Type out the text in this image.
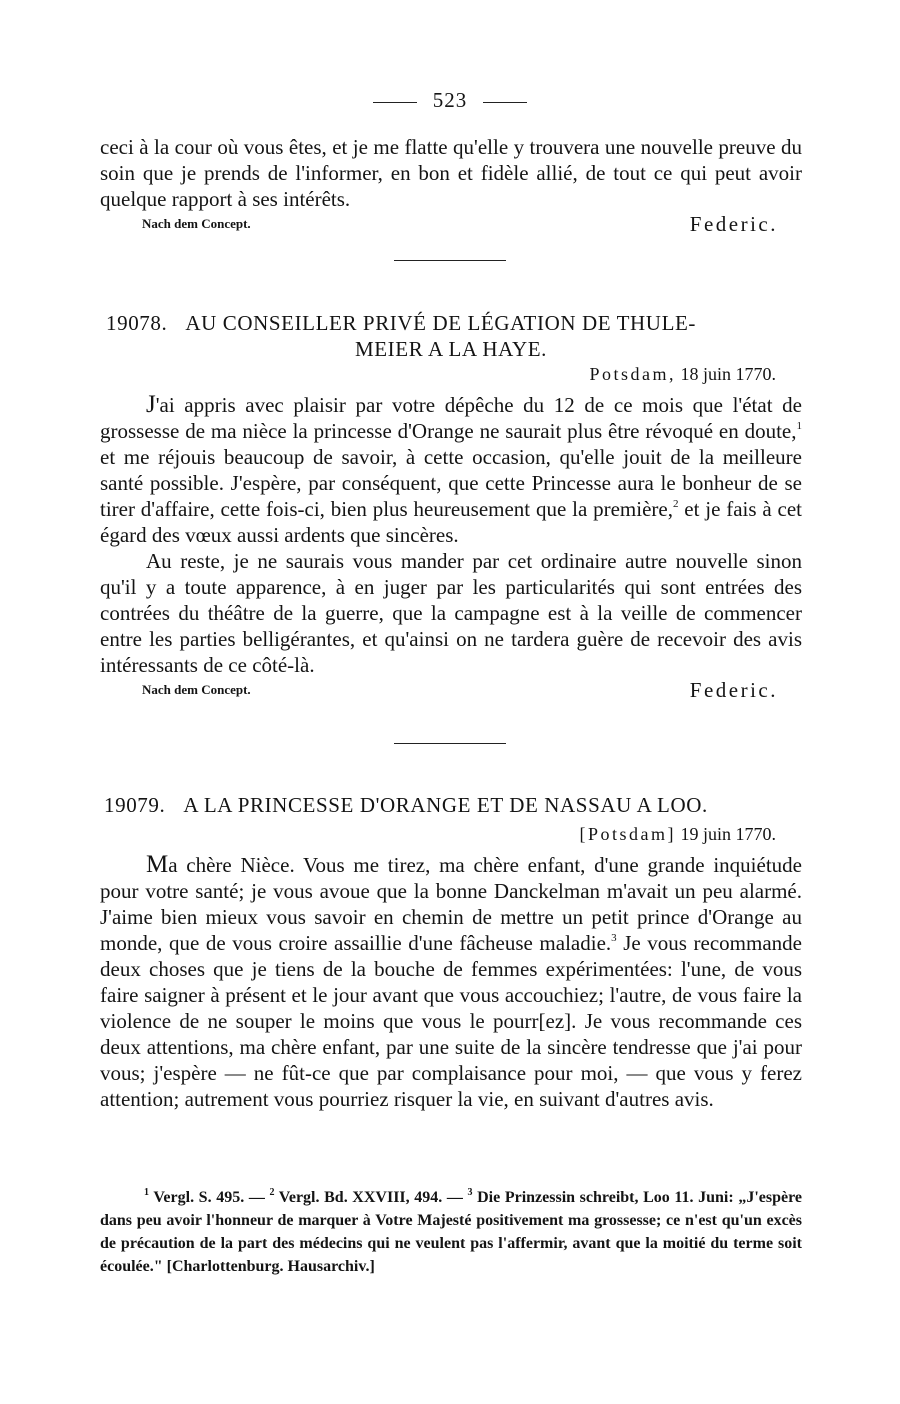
523

ceci à la cour où vous êtes, et je me flatte qu'elle y trouvera une nouvelle preuve du soin que je prends de l'informer, en bon et fidèle allié, de tout ce qui peut avoir quelque rapport à ses intérêts.

Nach dem Concept.	Federic.
19078. AU CONSEILLER PRIVÉ DE LÉGATION DE THULE-
MEIER A LA HAYE.
Potsdam, 18 juin 1770.

J'ai appris avec plaisir par votre dépêche du 12 de ce mois que l'état de grossesse de ma nièce la princesse d'Orange ne saurait plus être révoqué en doute,$^1$ et me réjouis beaucoup de savoir, à cette occasion, qu'elle jouit de la meilleure santé possible. J'espère, par conséquent, que cette Princesse aura le bonheur de se tirer d'affaire, cette fois-ci, bien plus heureusement que la première,$^2$ et je fais à cet égard des vœux aussi ardents que sincères.

Au reste, je ne saurais vous mander par cet ordinaire autre nouvelle sinon qu'il y a toute apparence, à en juger par les particularités qui sont entrées des contrées du théâtre de la guerre, que la campagne est à la veille de commencer entre les parties belligérantes, et qu'ainsi on ne tardera guère de recevoir des avis intéressants de ce côté-là.

Nach dem Concept.	Federic.
19079. A LA PRINCESSE D'ORANGE ET DE NASSAU A LOO.
[Potsdam] 19 juin 1770.

Ma chère Nièce. Vous me tirez, ma chère enfant, d'une grande inquiétude pour votre santé; je vous avoue que la bonne Danckelman m'avait un peu alarmé. J'aime bien mieux vous savoir en chemin de mettre un petit prince d'Orange au monde, que de vous croire assaillie d'une fâcheuse maladie.$^3$ Je vous recommande deux choses que je tiens de la bouche de femmes expérimentées: l'une, de vous faire saigner à présent et le jour avant que vous accouchiez; l'autre, de vous faire la violence de ne souper le moins que vous le pourr[ez]. Je vous recommande ces deux attentions, ma chère enfant, par une suite de la sincère tendresse que j'ai pour vous; j'espère — ne fût-ce que par complaisance pour moi, — que vous y ferez attention; autrement vous pourriez risquer la vie, en suivant d'autres avis.

$^1$ Vergl. S. 495. — $^2$ Vergl. Bd. XXVIII, 494. — $^3$ Die Prinzessin schreibt, Loo 11. Juni: „J'espère dans peu avoir l'honneur de marquer à Votre Majesté positivement ma grossesse; ce n'est qu'un excès de précaution de la part des médecins qui ne veulent pas l'affermir, avant que la moitié du terme soit écoulée." [Charlottenburg. Hausarchiv.]
